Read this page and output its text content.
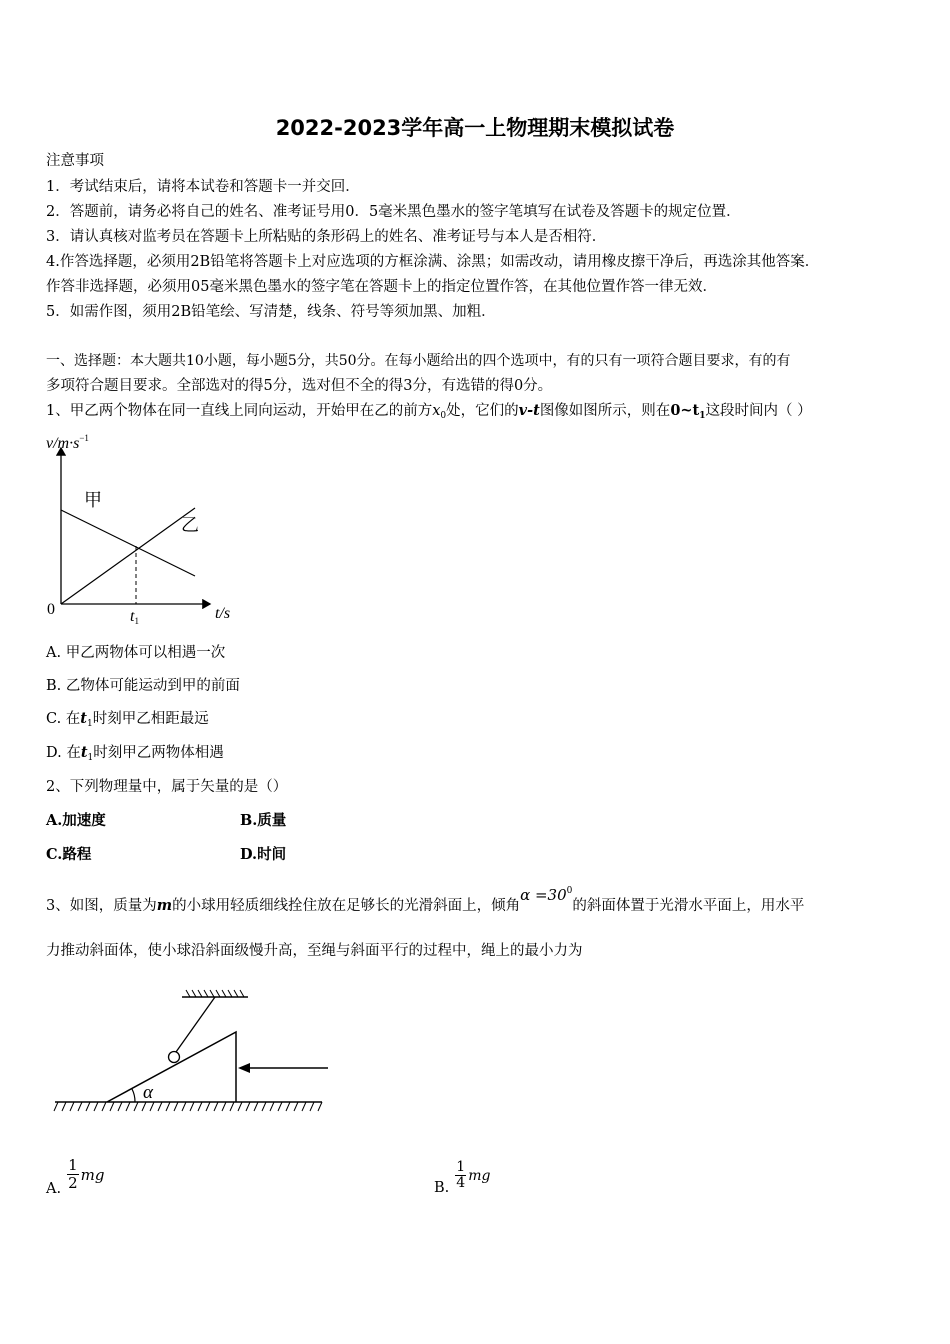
2022-2023学年高一上物理期末模拟试卷
注意事项
1．考试结束后，请将本试卷和答题卡一并交回．
2．答题前，请务必将自己的姓名、准考证号用0．5毫米黑色墨水的签字笔填写在试卷及答题卡的规定位置．
3．请认真核对监考员在答题卡上所粘贴的条形码上的姓名、准考证号与本人是否相符．
4.作答选择题，必须用2B铅笔将答题卡上对应选项的方框涂满、涂黑；如需改动，请用橡皮擦干净后，再选涂其他答案．
作答非选择题，必须用05毫米黑色墨水的签字笔在答题卡上的指定位置作答，在其他位置作答一律无效．
5．如需作图，须用2B铅笔绘、写清楚，线条、符号等须加黑、加粗．
一、选择题：本大题共10小题，每小题5分，共50分。在每小题给出的四个选项中，有的只有一项符合题目要求，有的有
多项符合题目要求。全部选对的得5分，选对但不全的得3分，有选错的得0分。
1、甲乙两个物体在同一直线上同向运动，开始甲在乙的前方$x_0$处，它们的v-t图像如图所示，则在$0\sim t_1$这段时间内（ ）
$v/m\cdot s^{-1}$
t/s
0	t1
甲
乙
A. 甲乙两物体可以相遇一次
B. 乙物体可能运动到甲的前面
C. 在$t_1$时刻甲乙相距最远
D. 在$t_1$时刻甲乙两物体相遇
2、下列物理量中，属于矢量的是（）
A.加速度	B.质量
C.路程	D.时间
3、如图，质量为m的小球用轻质细线拴住放在足够长的光滑斜面上，倾角$\alpha =30^0$的斜面体置于光滑水平面上，用水平
力推动斜面体，使小球沿斜面级慢升高，至绳与斜面平行的过程中，绳上的最小力为
α
A. $\frac{1}{2}$ mg
B. $\frac{1}{4}$ mg
